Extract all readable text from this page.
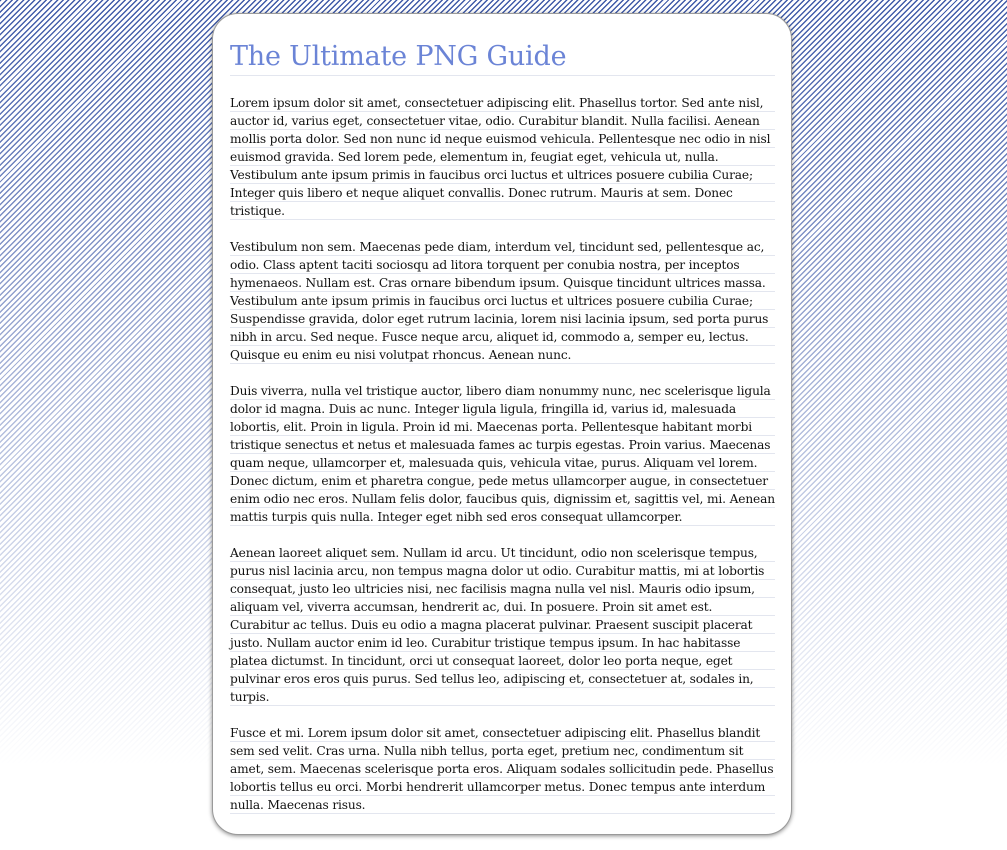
The Ultimate PNG Guide

Lorem ipsum dolor sit amet, consectetuer adipiscing elit. Phasellus tortor. Sed ante nisl, auctor id, varius eget, consectetuer vitae, odio. Curabitur blandit. Nulla facilisi. Aenean mollis porta dolor. Sed non nunc id neque euismod vehicula. Pellentesque nec odio in nisl euismod gravida. Sed lorem pede, elementum in, feugiat eget, vehicula ut, nulla. Vestibulum ante ipsum primis in faucibus orci luctus et ultrices posuere cubilia Curae; Integer quis libero et neque aliquet convallis. Donec rutrum. Mauris at sem. Donec tristique.

Vestibulum non sem. Maecenas pede diam, interdum vel, tincidunt sed, pellentesque ac, odio. Class aptent taciti sociosqu ad litora torquent per conubia nostra, per inceptos hymenaeos. Nullam est. Cras ornare bibendum ipsum. Quisque tincidunt ultrices massa. Vestibulum ante ipsum primis in faucibus orci luctus et ultrices posuere cubilia Curae; Suspendisse gravida, dolor eget rutrum lacinia, lorem nisi lacinia ipsum, sed porta purus nibh in arcu. Sed neque. Fusce neque arcu, aliquet id, commodo a, semper eu, lectus. Quisque eu enim eu nisi volutpat rhoncus. Aenean nunc.

Duis viverra, nulla vel tristique auctor, libero diam nonummy nunc, nec scelerisque ligula dolor id magna. Duis ac nunc. Integer ligula ligula, fringilla id, varius id, malesuada lobortis, elit. Proin in ligula. Proin id mi. Maecenas porta. Pellentesque habitant morbi tristique senectus et netus et malesuada fames ac turpis egestas. Proin varius. Maecenas quam neque, ullamcorper et, malesuada quis, vehicula vitae, purus. Aliquam vel lorem. Donec dictum, enim et pharetra congue, pede metus ullamcorper augue, in consectetuer enim odio nec eros. Nullam felis dolor, faucibus quis, dignissim et, sagittis vel, mi. Aenean mattis turpis quis nulla. Integer eget nibh sed eros consequat ullamcorper.

Aenean laoreet aliquet sem. Nullam id arcu. Ut tincidunt, odio non scelerisque tempus, purus nisl lacinia arcu, non tempus magna dolor ut odio. Curabitur mattis, mi at lobortis consequat, justo leo ultricies nisi, nec facilisis magna nulla vel nisl. Mauris odio ipsum, aliquam vel, viverra accumsan, hendrerit ac, dui. In posuere. Proin sit amet est. Curabitur ac tellus. Duis eu odio a magna placerat pulvinar. Praesent suscipit placerat justo. Nullam auctor enim id leo. Curabitur tristique tempus ipsum. In hac habitasse platea dictumst. In tincidunt, orci ut consequat laoreet, dolor leo porta neque, eget pulvinar eros eros quis purus. Sed tellus leo, adipiscing et, consectetuer at, sodales in, turpis.

Fusce et mi. Lorem ipsum dolor sit amet, consectetuer adipiscing elit. Phasellus blandit sem sed velit. Cras urna. Nulla nibh tellus, porta eget, pretium nec, condimentum sit amet, sem. Maecenas scelerisque porta eros. Aliquam sodales sollicitudin pede. Phasellus lobortis tellus eu orci. Morbi hendrerit ullamcorper metus. Donec tempus ante interdum nulla. Maecenas risus.
